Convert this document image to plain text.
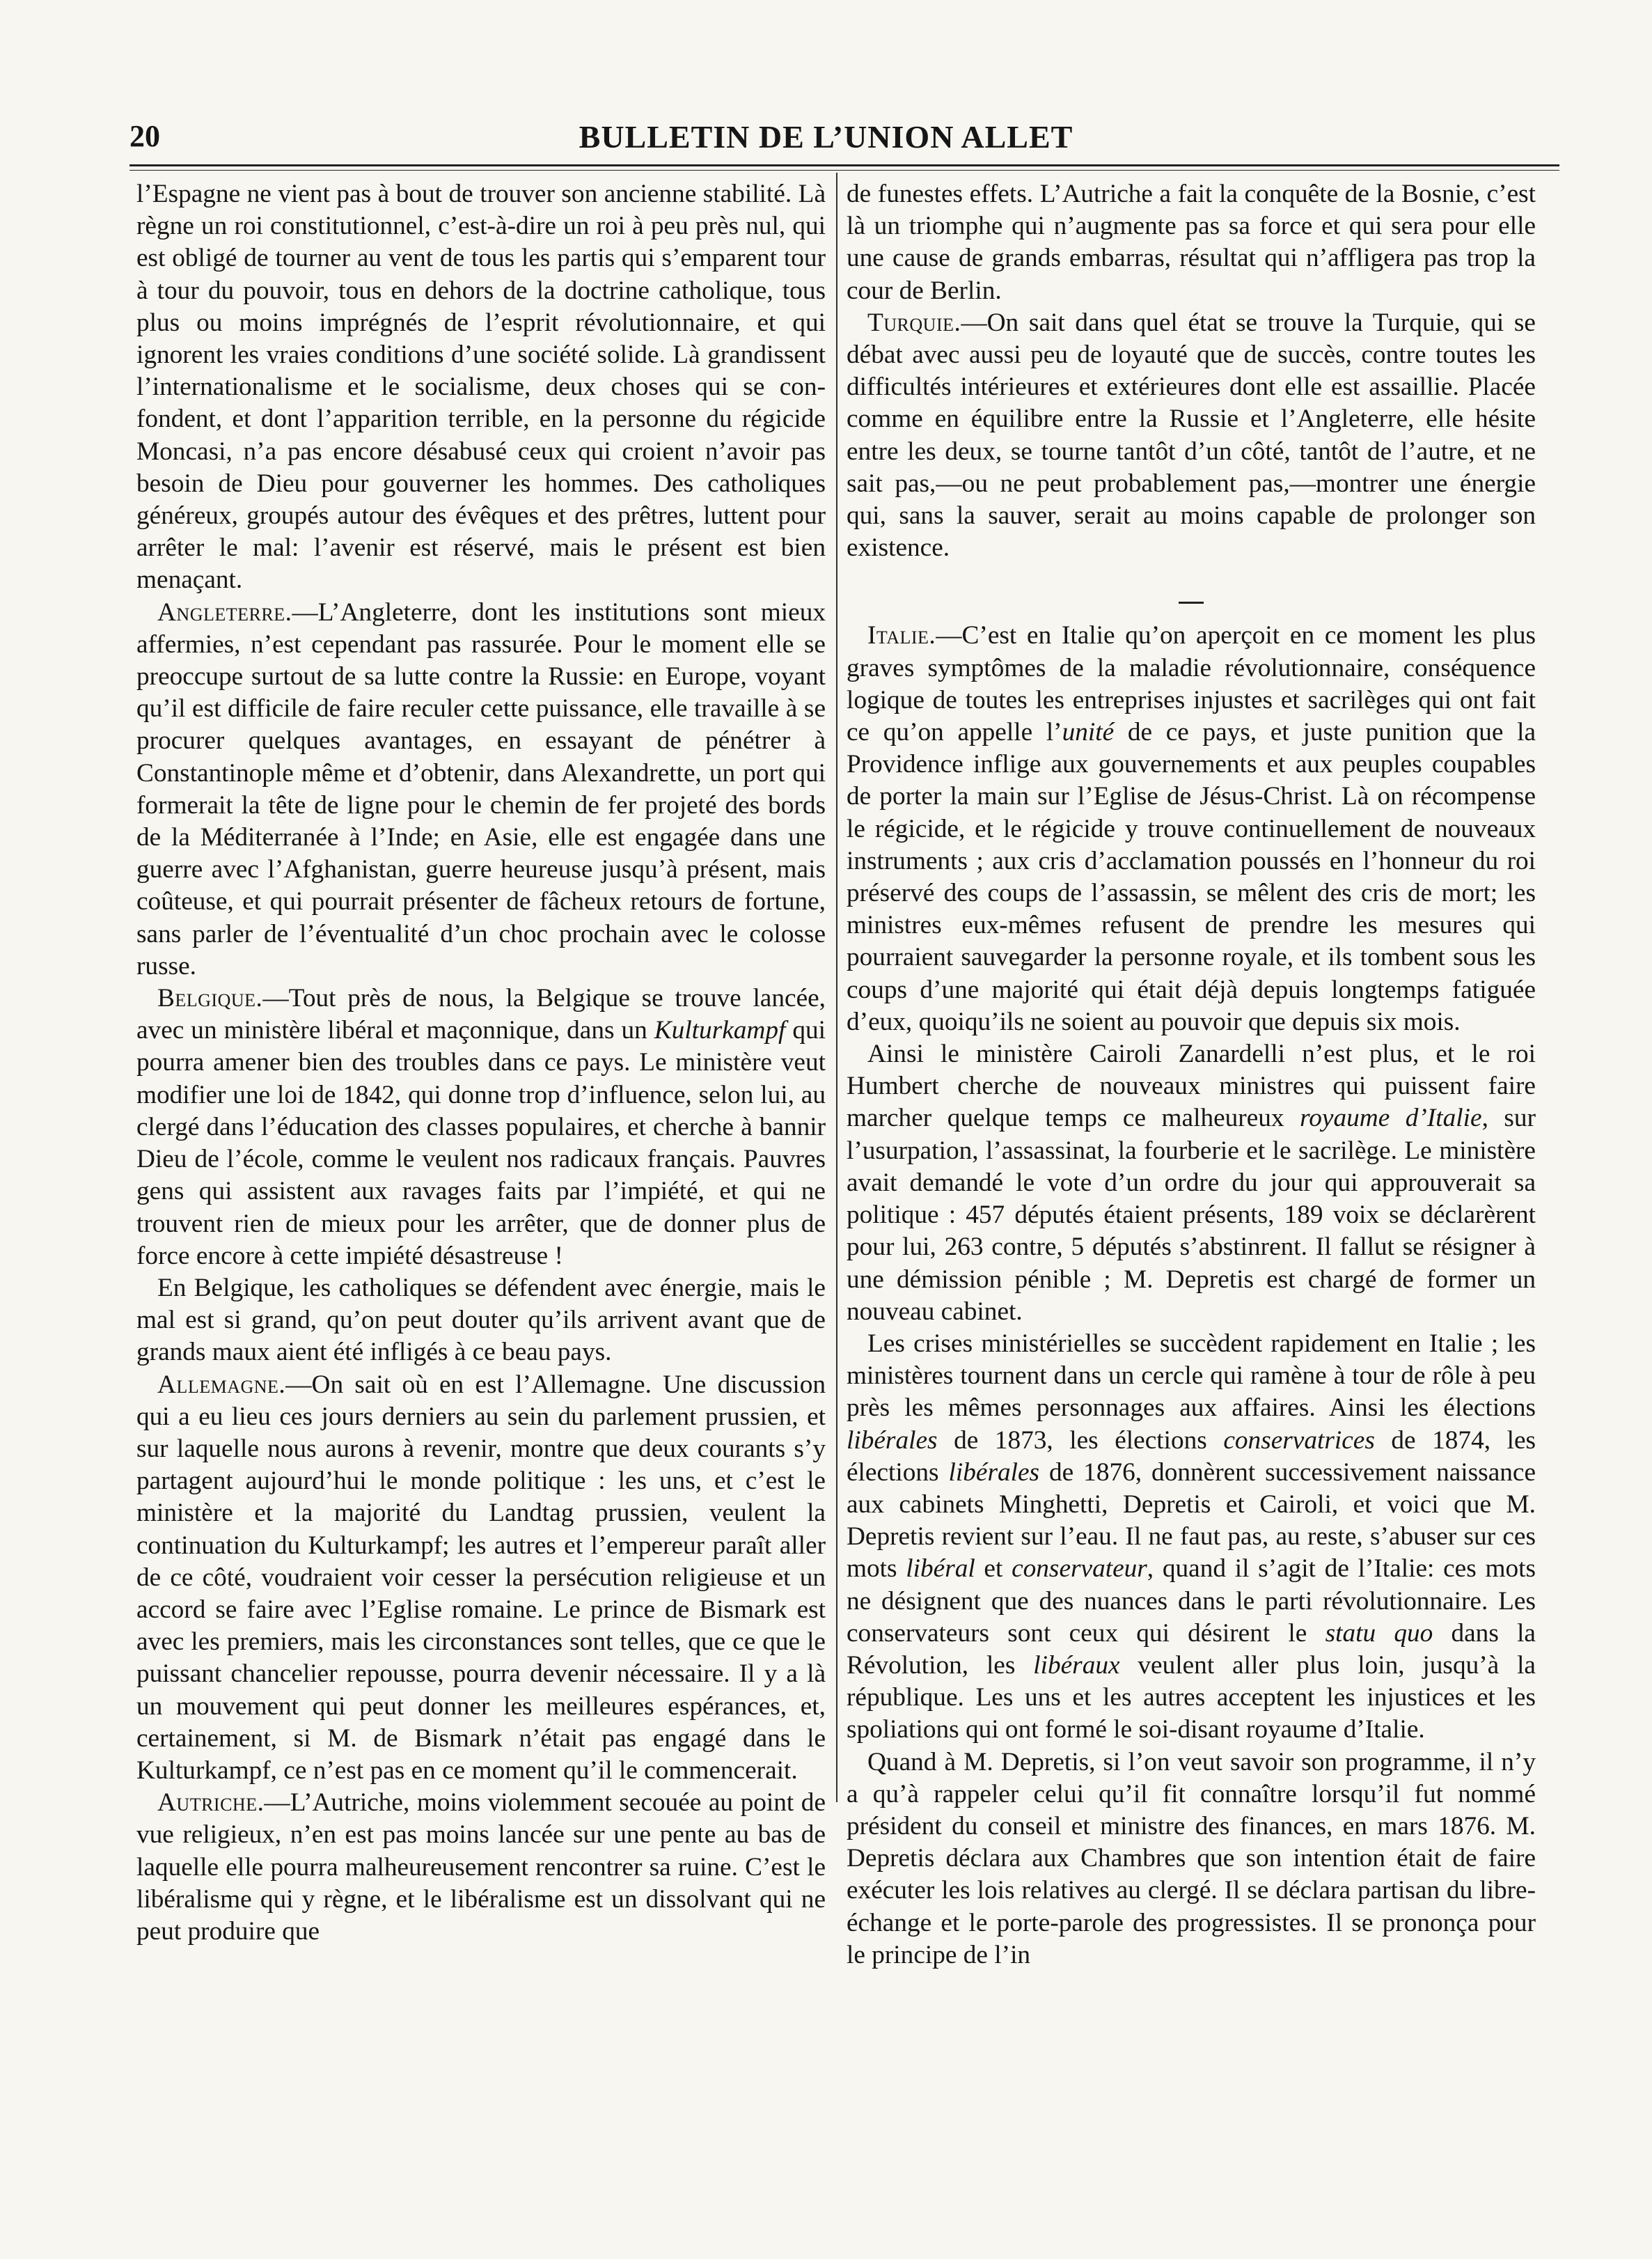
20	BULLETIN DE L’UNION ALLET

l’Espagne ne vient pas à bout de trouver son ancienne stabilité. Là règne un roi constitutionnel, c’est-à-dire un roi à peu près nul, qui est obligé de tourner au vent de tous les partis qui s’emparent tour à tour du pouvoir, tous en dehors de la doctrine catholique, tous plus ou moins imprégnés de l’esprit révolutionnaire, et qui ignorent les vraies conditions d’une société solide. Là grandissent l’internationalisme et le socialisme, deux choses qui se confondent, et dont l’apparition terrible, en la personne du régicide Moncasi, n’a pas encore désabusé ceux qui croient n’avoir pas besoin de Dieu pour gouverner les hommes. Des catholiques généreux, groupés autour des évêques et des prêtres, luttent pour arrêter le mal: l’avenir est réservé, mais le présent est bien menaçant.

Angleterre.—L’Angleterre, dont les institutions sont mieux affermies, n’est cependant pas rassurée. Pour le moment elle se preoccupe surtout de sa lutte contre la Russie: en Europe, voyant qu’il est difficile de faire reculer cette puissance, elle travaille à se procurer quelques avantages, en essayant de pénétrer à Constantinople même et d’obtenir, dans Alexandrette, un port qui formerait la tête de ligne pour le chemin de fer projeté des bords de la Méditerranée à l’Inde; en Asie, elle est engagée dans une guerre avec l’Afghanistan, guerre heureuse jusqu’à présent, mais coûteuse, et qui pourrait présenter de fâcheux retours de fortune, sans parler de l’éventualité d’un choc prochain avec le colosse russe.

Belgique.—Tout près de nous, la Belgique se trouve lancée, avec un ministère libéral et maçonnique, dans un Kulturkampf qui pourra amener bien des troubles dans ce pays. Le ministère veut modifier une loi de 1842, qui donne trop d’influence, selon lui, au clergé dans l’éducation des classes populaires, et cherche à bannir Dieu de l’école, comme le veulent nos radicaux français. Pauvres gens qui assistent aux ravages faits par l’impiété, et qui ne trouvent rien de mieux pour les arrêter, que de donner plus de force encore à cette impiété désastreuse !

En Belgique, les catholiques se défendent avec énergie, mais le mal est si grand, qu’on peut douter qu’ils arrivent avant que de grands maux aient été infligés à ce beau pays.

Allemagne.—On sait où en est l’Allemagne. Une discussion qui a eu lieu ces jours derniers au sein du parlement prussien, et sur laquelle nous aurons à revenir, montre que deux courants s’y partagent aujourd’hui le monde politique : les uns, et c’est le ministère et la majorité du Landtag prussien, veulent la continuation du Kulturkampf; les autres et l’empereur paraît aller de ce côté, voudraient voir cesser la persécution religieuse et un accord se faire avec l’Eglise romaine. Le prince de Bismark est avec les premiers, mais les circonstances sont telles, que ce que le puissant chancelier repousse, pourra devenir nécessaire. Il y a là un mouvement qui peut donner les meilleures espérances, et, certainement, si M. de Bismark n’était pas engagé dans le Kulturkampf, ce n’est pas en ce moment qu’il le commencerait.

Autriche.—L’Autriche, moins violemment secouée au point de vue religieux, n’en est pas moins lancée sur une pente au bas de laquelle elle pourra malheureusement rencontrer sa ruine. C’est le libéralisme qui y règne, et le libéralisme est un dissolvant qui ne peut produire que

de funestes effets. L’Autriche a fait la conquête de la Bosnie, c’est là un triomphe qui n’augmente pas sa force et qui sera pour elle une cause de grands embarras, résultat qui n’affligera pas trop la cour de Berlin.

Turquie.—On sait dans quel état se trouve la Turquie, qui se débat avec aussi peu de loyauté que de succès, contre toutes les difficultés intérieures et extérieures dont elle est assaillie. Placée comme en équilibre entre la Russie et l’Angleterre, elle hésite entre les deux, se tourne tantôt d’un côté, tantôt de l’autre, et ne sait pas,—ou ne peut probablement pas,—montrer une énergie qui, sans la sauver, serait au moins capable de prolonger son existence.

Italie.—C’est en Italie qu’on aperçoit en ce moment les plus graves symptômes de la maladie révolutionnaire, conséquence logique de toutes les entreprises injustes et sacrilèges qui ont fait ce qu’on appelle l’unité de ce pays, et juste punition que la Providence inflige aux gouvernements et aux peuples coupables de porter la main sur l’Eglise de Jésus-Christ. Là on récompense le régicide, et le régicide y trouve continuellement de nouveaux instruments ; aux cris d’acclamation poussés en l’honneur du roi préservé des coups de l’assassin, se mêlent des cris de mort; les ministres eux-mêmes refusent de prendre les mesures qui pourraient sauvegarder la personne royale, et ils tombent sous les coups d’une majorité qui était déjà depuis longtemps fatiguée d’eux, quoiqu’ils ne soient au pouvoir que depuis six mois.

Ainsi le ministère Cairoli Zanardelli n’est plus, et le roi Humbert cherche de nouveaux ministres qui puissent faire marcher quelque temps ce malheureux royaume d’Italie, sur l’usurpation, l’assassinat, la fourberie et le sacrilège. Le ministère avait demandé le vote d’un ordre du jour qui approuverait sa politique : 457 députés étaient présents, 189 voix se déclarèrent pour lui, 263 contre, 5 députés s’abstinrent. Il fallut se résigner à une démission pénible ; M. Depretis est chargé de former un nouveau cabinet.

Les crises ministérielles se succèdent rapidement en Italie ; les ministères tournent dans un cercle qui ramène à tour de rôle à peu près les mêmes personnages aux affaires. Ainsi les élections libérales de 1873, les élections conservatrices de 1874, les élections libérales de 1876, donnèrent successivement naissance aux cabinets Minghetti, Depretis et Cairoli, et voici que M. Depretis revient sur l’eau. Il ne faut pas, au reste, s’abuser sur ces mots libéral et conservateur, quand il s’agit de l’Italie: ces mots ne désignent que des nuances dans le parti révolutionnaire. Les conservateurs sont ceux qui désirent le statu quo dans la Révolution, les libéraux veulent aller plus loin, jusqu’à la république. Les uns et les autres acceptent les injustices et les spoliations qui ont formé le soi-disant royaume d’Italie.

Quand à M. Depretis, si l’on veut savoir son programme, il n’y a qu’à rappeler celui qu’il fit connaître lorsqu’il fut nommé président du conseil et ministre des finances, en mars 1876. M. Depretis déclara aux Chambres que son intention était de faire exécuter les lois relatives au clergé. Il se déclara partisan du libre-échange et le porte-parole des progressistes. Il se prononça pour le principe de l’in
